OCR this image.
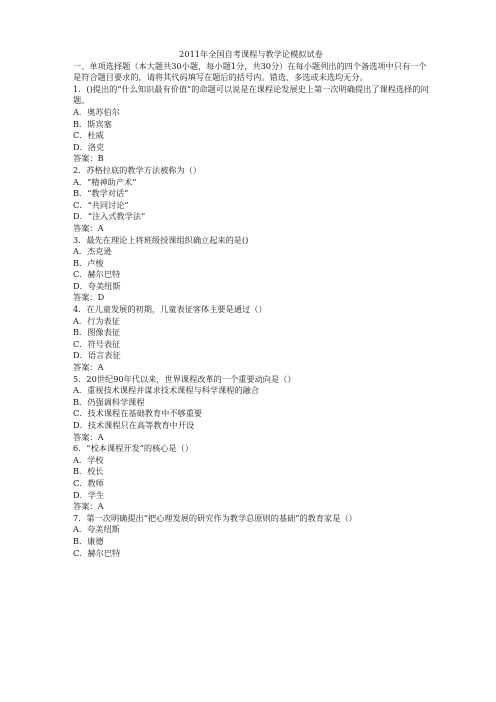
2011年全国自考课程与教学论模拟试卷
一、单项选择题（本大题共30小题，每小题1分，共30分）在每小题列出的四个备选项中只有一个是符合题目要求的，请将其代码填写在题后的括号内。错选、多选或未选均无分。
1．()提出的“什么知识最有价值”的命题可以说是在课程论发展史上第一次明确提出了课程选择的问题。
A．奥苏伯尔
B．斯宾塞
C．杜威
D．洛克
答案：B
2．苏格拉底的教学方法被称为（）
A．“精神助产术”
B．“教学对话”
C．“共同讨论”
D．“注入式教学法”
答案：A
3．最先在理论上将班级授课组织确立起来的是()
A．杰克逊
B．卢梭
C．赫尔巴特
D．夸美纽斯
答案：D
4．在儿童发展的初期，儿童表征客体主要是通过（）
A．行为表征
B．图像表征
C．符号表征
D．语言表征
答案：A
5．20世纪90年代以来，世界课程改革的一个重要动向是（）
A．重视技术课程并谋求技术课程与科学课程的融合
B．仍强调科学课程
C．技术课程在基础教育中不够重要
D．技术课程只在高等教育中开设
答案：A
6．“校本课程开发”的核心是（）
A．学校
B．校长
C．教师
D．学生
答案：A
7．第一次明确提出“把心理发展的研究作为教学总原则的基础”的教育家是（）
A．夸美纽斯
B．康德
C．赫尔巴特
